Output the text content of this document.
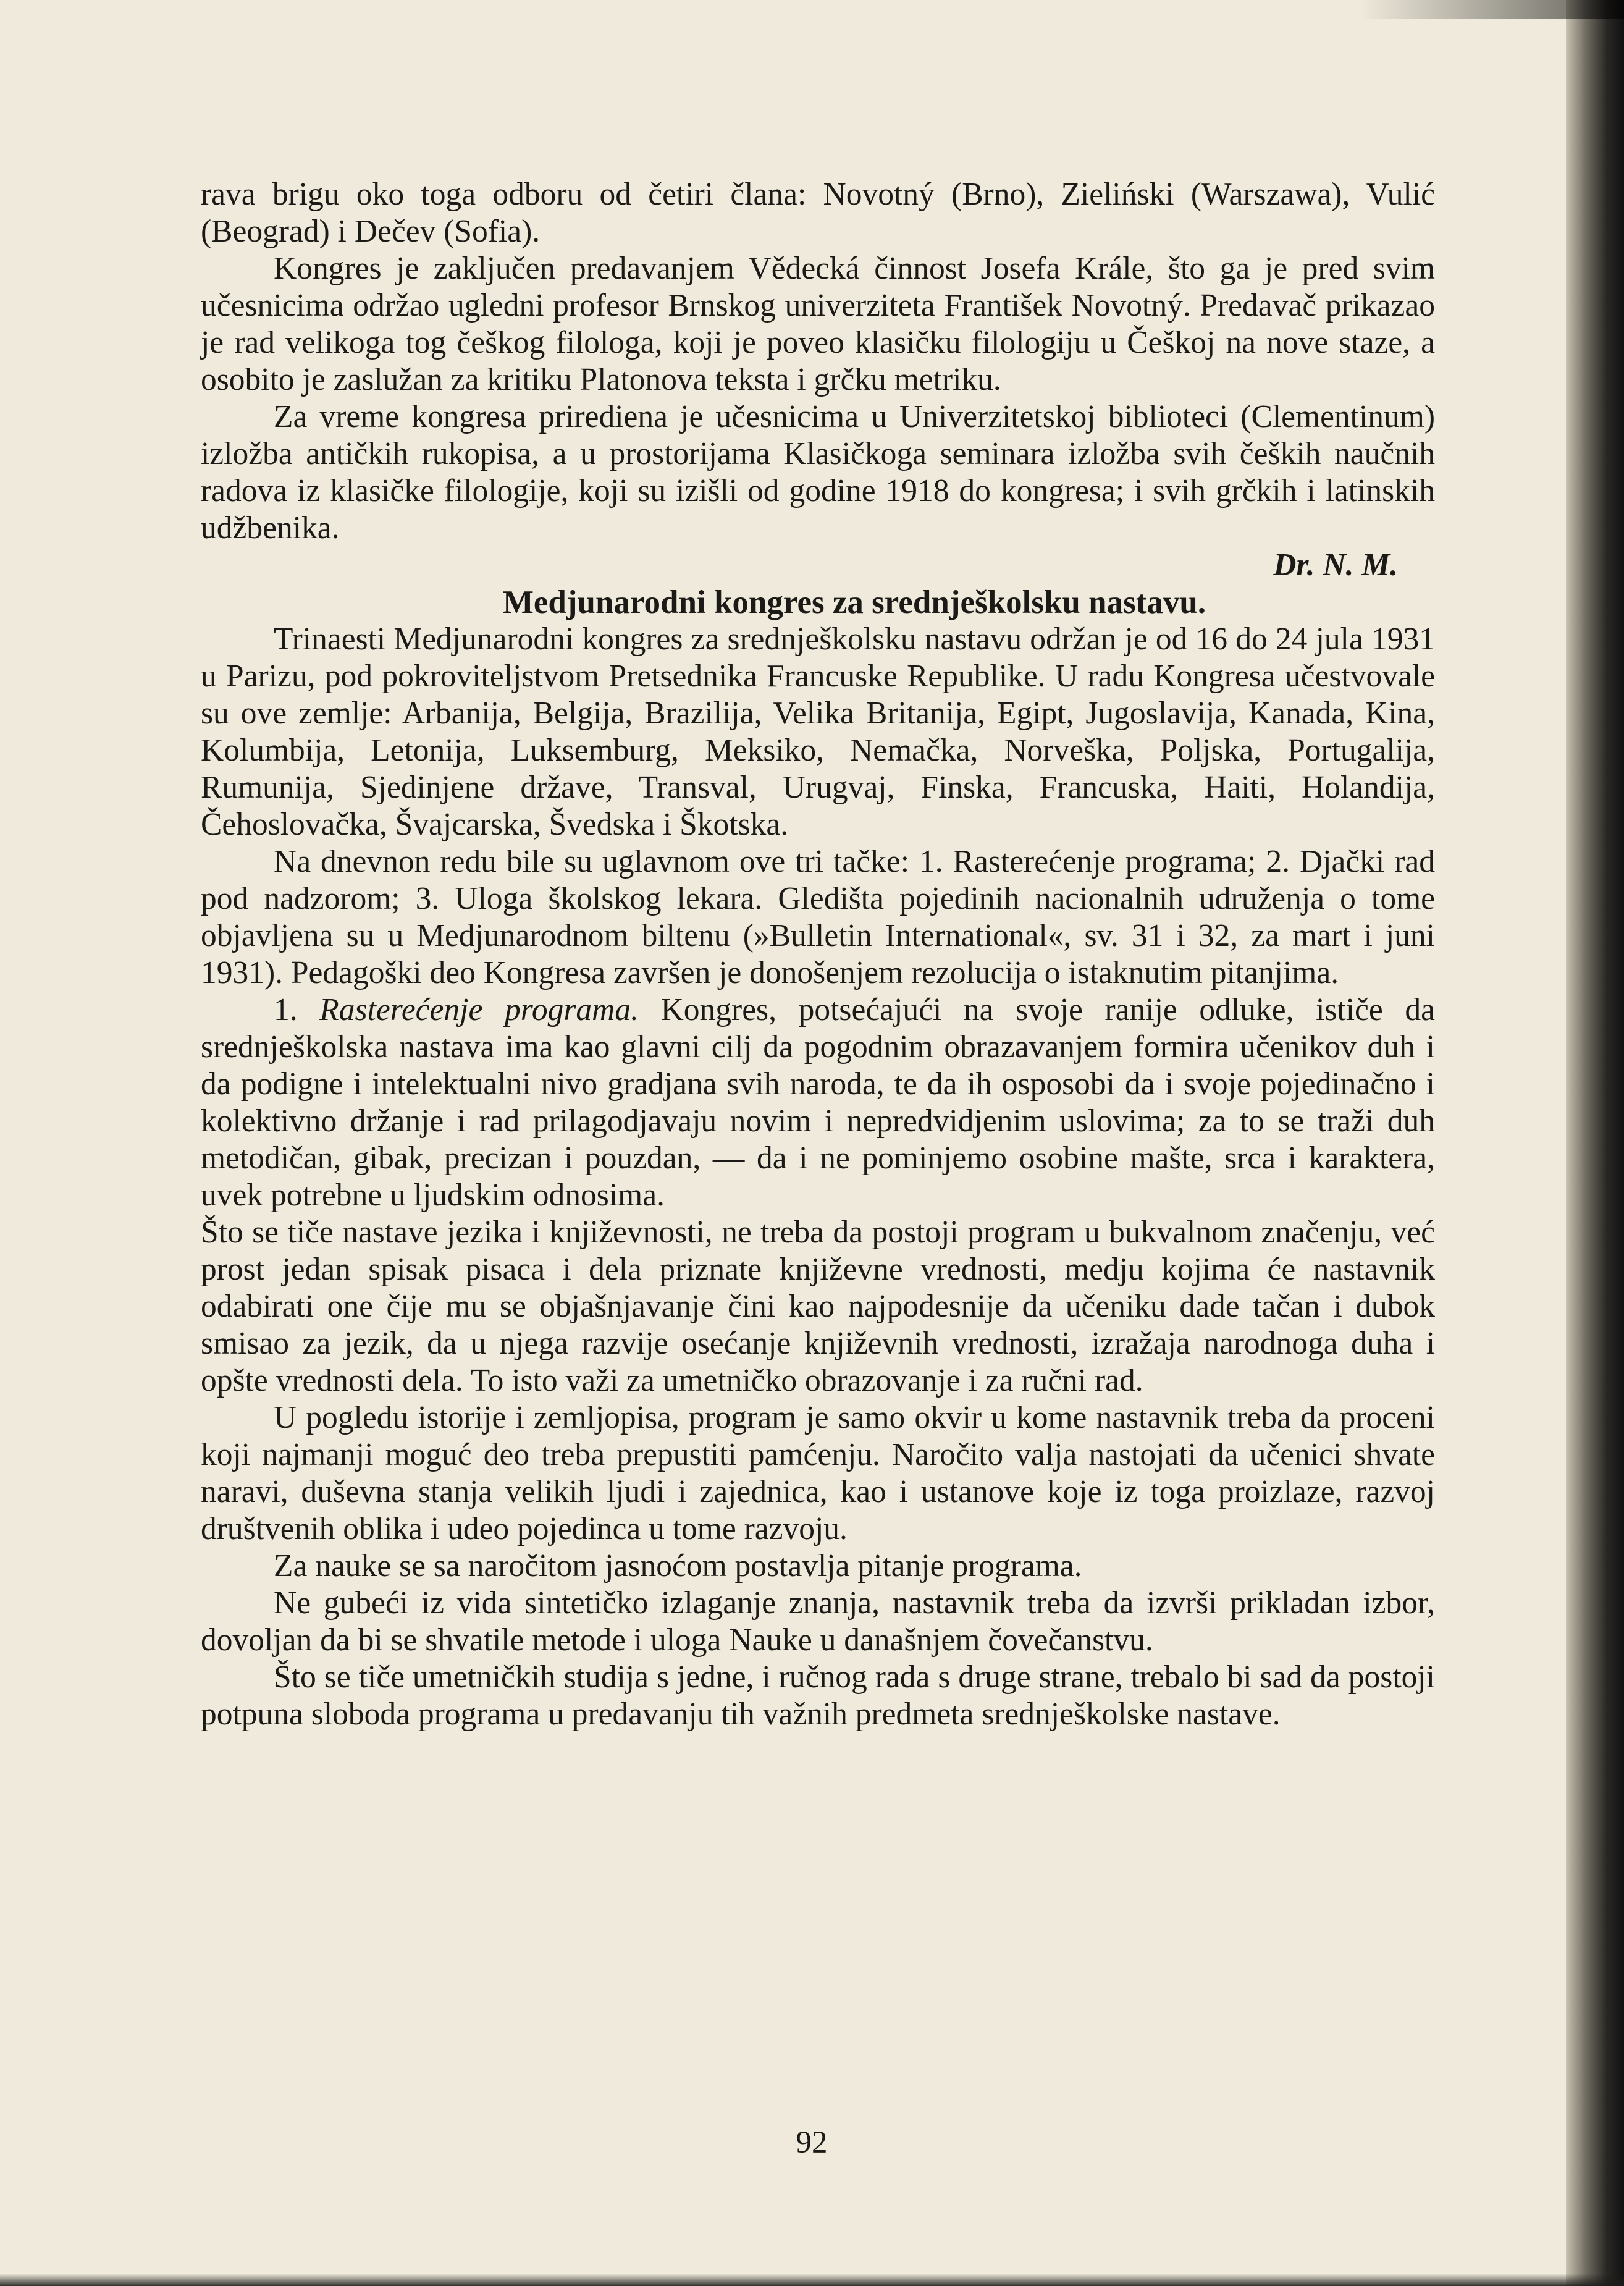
rava brigu oko toga odboru od četiri člana: Novotný (Brno), Zieliński (Warszawa), Vulić (Beograd) i Dečev (Sofia).

Kongres je zaključen predavanjem Vědecká činnost Josefa Krále, što ga je pred svim učesnicima održao ugledni profesor Brnskog univerziteta František Novotný. Predavač prikazao je rad velikoga tog češkog filologa, koji je poveo klasičku filologiju u Češkoj na nove staze, a osobito je zaslužan za kritiku Platonova teksta i grčku metriku.

Za vreme kongresa prirediena je učesnicima u Univerzitetskoj biblioteci (Clementinum) izložba antičkih rukopisa, a u prostorijama Klasičkoga seminara izložba svih čeških naučnih radova iz klasičke filologije, koji su izišli od godine 1918 do kongresa; i svih grčkih i latinskih udžbenika.

Dr. N. M.

Medjunarodni kongres za srednješkolsku nastavu.

Trinaesti Medjunarodni kongres za srednješkolsku nastavu održan je od 16 do 24 jula 1931 u Parizu, pod pokroviteljstvom Pretsednika Francuske Republike. U radu Kongresa učestvovale su ove zemlje: Arbanija, Belgija, Brazilija, Velika Britanija, Egipt, Jugoslavija, Kanada, Kina, Kolumbija, Letonija, Luksemburg, Meksiko, Nemačka, Norveška, Poljska, Portugalija, Rumunija, Sjedinjene države, Transval, Urugvaj, Finska, Francuska, Haiti, Holandija, Čehoslovačka, Švajcarska, Švedska i Škotska.

Na dnevnon redu bile su uglavnom ove tri tačke: 1. Rasterećenje programa; 2. Djački rad pod nadzorom; 3. Uloga školskog lekara. Gledišta pojedinih nacionalnih udruženja o tome objavljena su u Medjunarodnom biltenu (»Bulletin International«, sv. 31 i 32, za mart i juni 1931). Pedagoški deo Kongresa završen je donošenjem rezolucija o istaknutim pitanjima.

1. Rasterećenje programa. Kongres, potsećajući na svoje ranije odluke, ističe da srednješkolska nastava ima kao glavni cilj da pogodnim obrazavanjem formira učenikov duh i da podigne i intelektualni nivo gradjana svih naroda, te da ih osposobi da i svoje pojedinačno i kolektivno držanje i rad prilagodjavaju novim i nepredvidjenim uslovima; za to se traži duh metodičan, gibak, precizan i pouzdan, — da i ne pominjemo osobine mašte, srca i karaktera, uvek potrebne u ljudskim odnosima.

Što se tiče nastave jezika i književnosti, ne treba da postoji program u bukvalnom značenju, već prost jedan spisak pisaca i dela priznate književne vrednosti, medju kojima će nastavnik odabirati one čije mu se objašnjavanje čini kao najpodesnije da učeniku dade tačan i dubok smisao za jezik, da u njega razvije osećanje književnih vrednosti, izražaja narodnoga duha i opšte vrednosti dela. To isto važi za umetničko obrazovanje i za ručni rad.

U pogledu istorije i zemljopisa, program je samo okvir u kome nastavnik treba da proceni koji najmanji moguć deo treba prepustiti pamćenju. Naročito valja nastojati da učenici shvate naravi, duševna stanja velikih ljudi i zajednica, kao i ustanove koje iz toga proizlaze, razvoj društvenih oblika i udeo pojedinca u tome razvoju.

Za nauke se sa naročitom jasnoćom postavlja pitanje programa.

Ne gubeći iz vida sintetičko izlaganje znanja, nastavnik treba da izvrši prikladan izbor, dovoljan da bi se shvatile metode i uloga Nauke u današnjem čovečanstvu.

Što se tiče umetničkih studija s jedne, i ručnog rada s druge strane, trebalo bi sad da postoji potpuna sloboda programa u predavanju tih važnih predmeta srednješkolske nastave.

92
